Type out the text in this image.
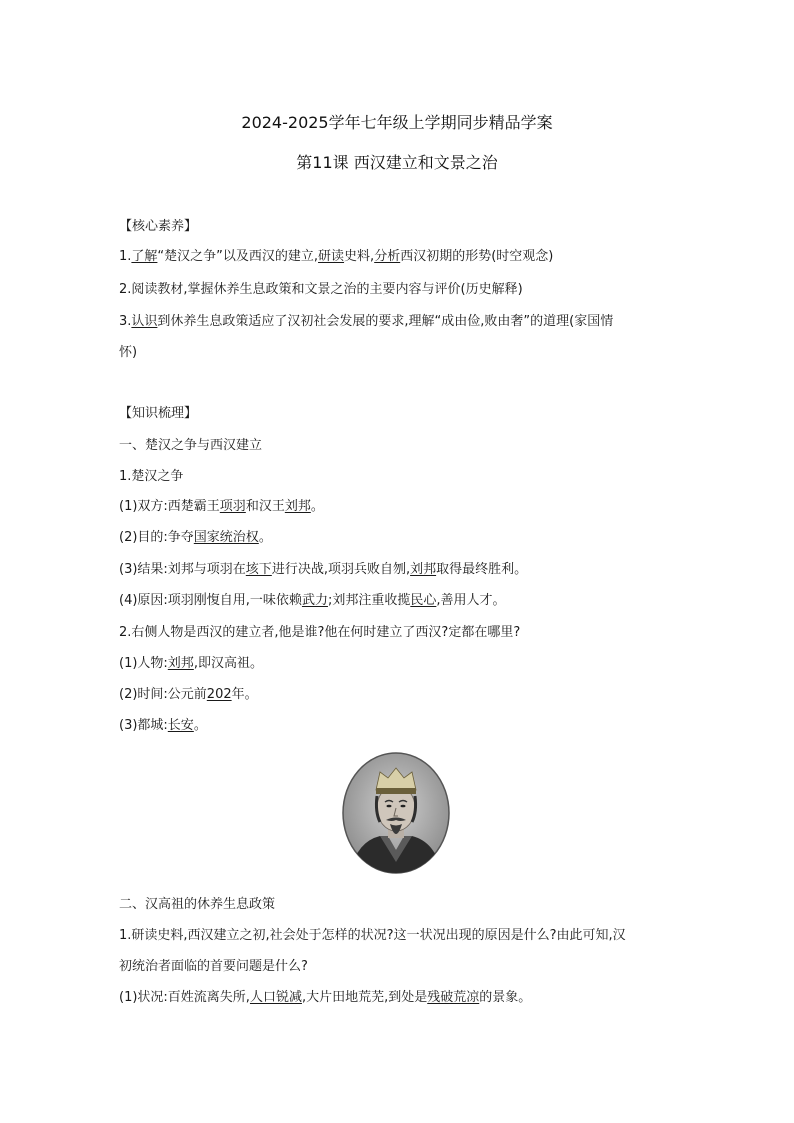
2024-2025学年七年级上学期同步精品学案
第11课 西汉建立和文景之治
【核心素养】
1.了解“楚汉之争”以及西汉的建立,研读史料,分析西汉初期的形势(时空观念)
2.阅读教材,掌握休养生息政策和文景之治的主要内容与评价(历史解释)
3.认识到休养生息政策适应了汉初社会发展的要求,理解“成由俭,败由奢”的道理(家国情
怀)
【知识梳理】
一、楚汉之争与西汉建立
1.楚汉之争
(1)双方:西楚霸王项羽和汉王刘邦。
(2)目的:争夺国家统治权。
(3)结果:刘邦与项羽在垓下进行决战,项羽兵败自刎,刘邦取得最终胜利。
(4)原因:项羽刚愎自用,一味依赖武力;刘邦注重收揽民心,善用人才。
2.右侧人物是西汉的建立者,他是谁?他在何时建立了西汉?定都在哪里?
(1)人物:刘邦,即汉高祖。
(2)时间:公元前202年。
(3)都城:长安。
二、汉高祖的休养生息政策
1.研读史料,西汉建立之初,社会处于怎样的状况?这一状况出现的原因是什么?由此可知,汉
初统治者面临的首要问题是什么?
(1)状况:百姓流离失所,人口锐减,大片田地荒芜,到处是残破荒凉的景象。
